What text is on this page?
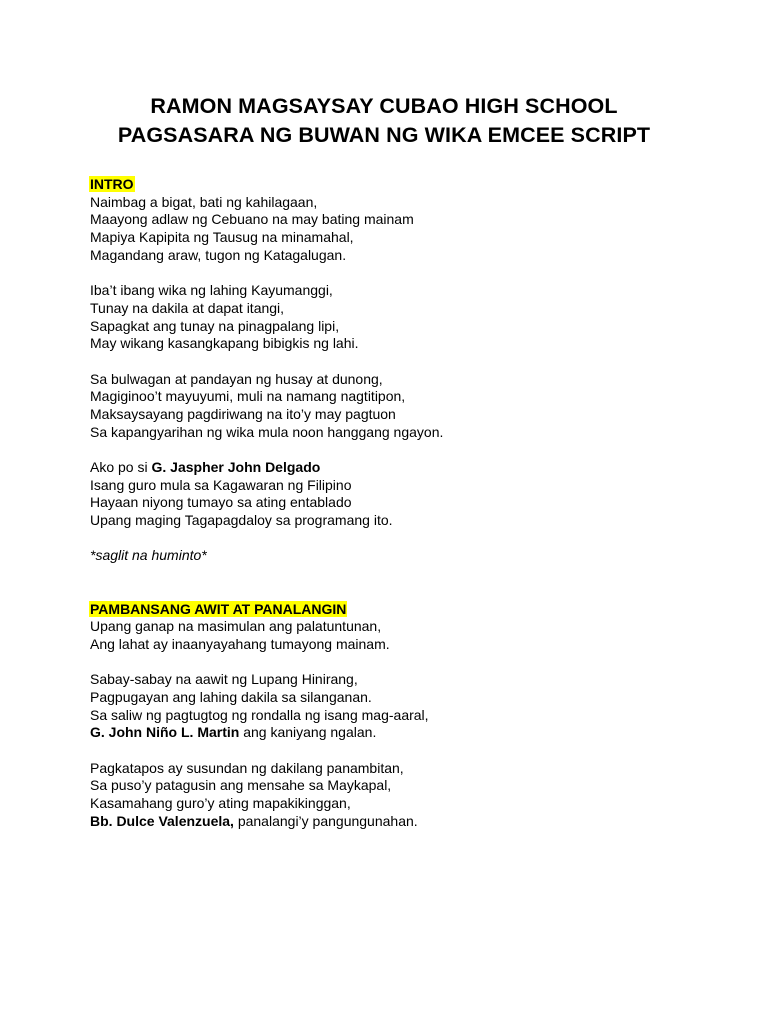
RAMON MAGSAYSAY CUBAO HIGH SCHOOL
PAGSASARA NG BUWAN NG WIKA EMCEE SCRIPT
INTRO
Naimbag a bigat, bati ng kahilagaan,
Maayong adlaw ng Cebuano na may bating mainam
Mapiya Kapipita ng Tausug na minamahal,
Magandang araw, tugon ng Katagalugan.
Iba’t ibang wika ng lahing Kayumanggi,
Tunay na dakila at dapat itangi,
Sapagkat ang tunay na pinagpalang lipi,
May wikang kasangkapang bibigkis ng lahi.
Sa bulwagan at pandayan ng husay at dunong,
Magiginoo’t mayuyumi, muli na namang nagtitipon,
Maksaysayang pagdiriwang na ito’y may pagtuon
Sa kapangyarihan ng wika mula noon hanggang ngayon.
Ako po si G. Jaspher John Delgado
Isang guro mula sa Kagawaran ng Filipino
Hayaan niyong tumayo sa ating entablado
Upang maging Tagapagdaloy sa programang ito.
*saglit na huminto*
PAMBANSANG AWIT AT PANALANGIN
Upang ganap na masimulan ang palatuntunan,
Ang lahat ay inaanyayahang tumayong mainam.
Sabay-sabay na aawit ng Lupang Hinirang,
Pagpugayan ang lahing dakila sa silanganan.
Sa saliw ng pagtugtog ng rondalla ng isang mag-aaral,
G. John Niño L. Martin ang kaniyang ngalan.
Pagkatapos ay susundan ng dakilang panambitan,
Sa puso’y patagusin ang mensahe sa Maykapal,
Kasamahang guro’y ating mapakikinggan,
Bb. Dulce Valenzuela, panalangi’y pangungunahan.
